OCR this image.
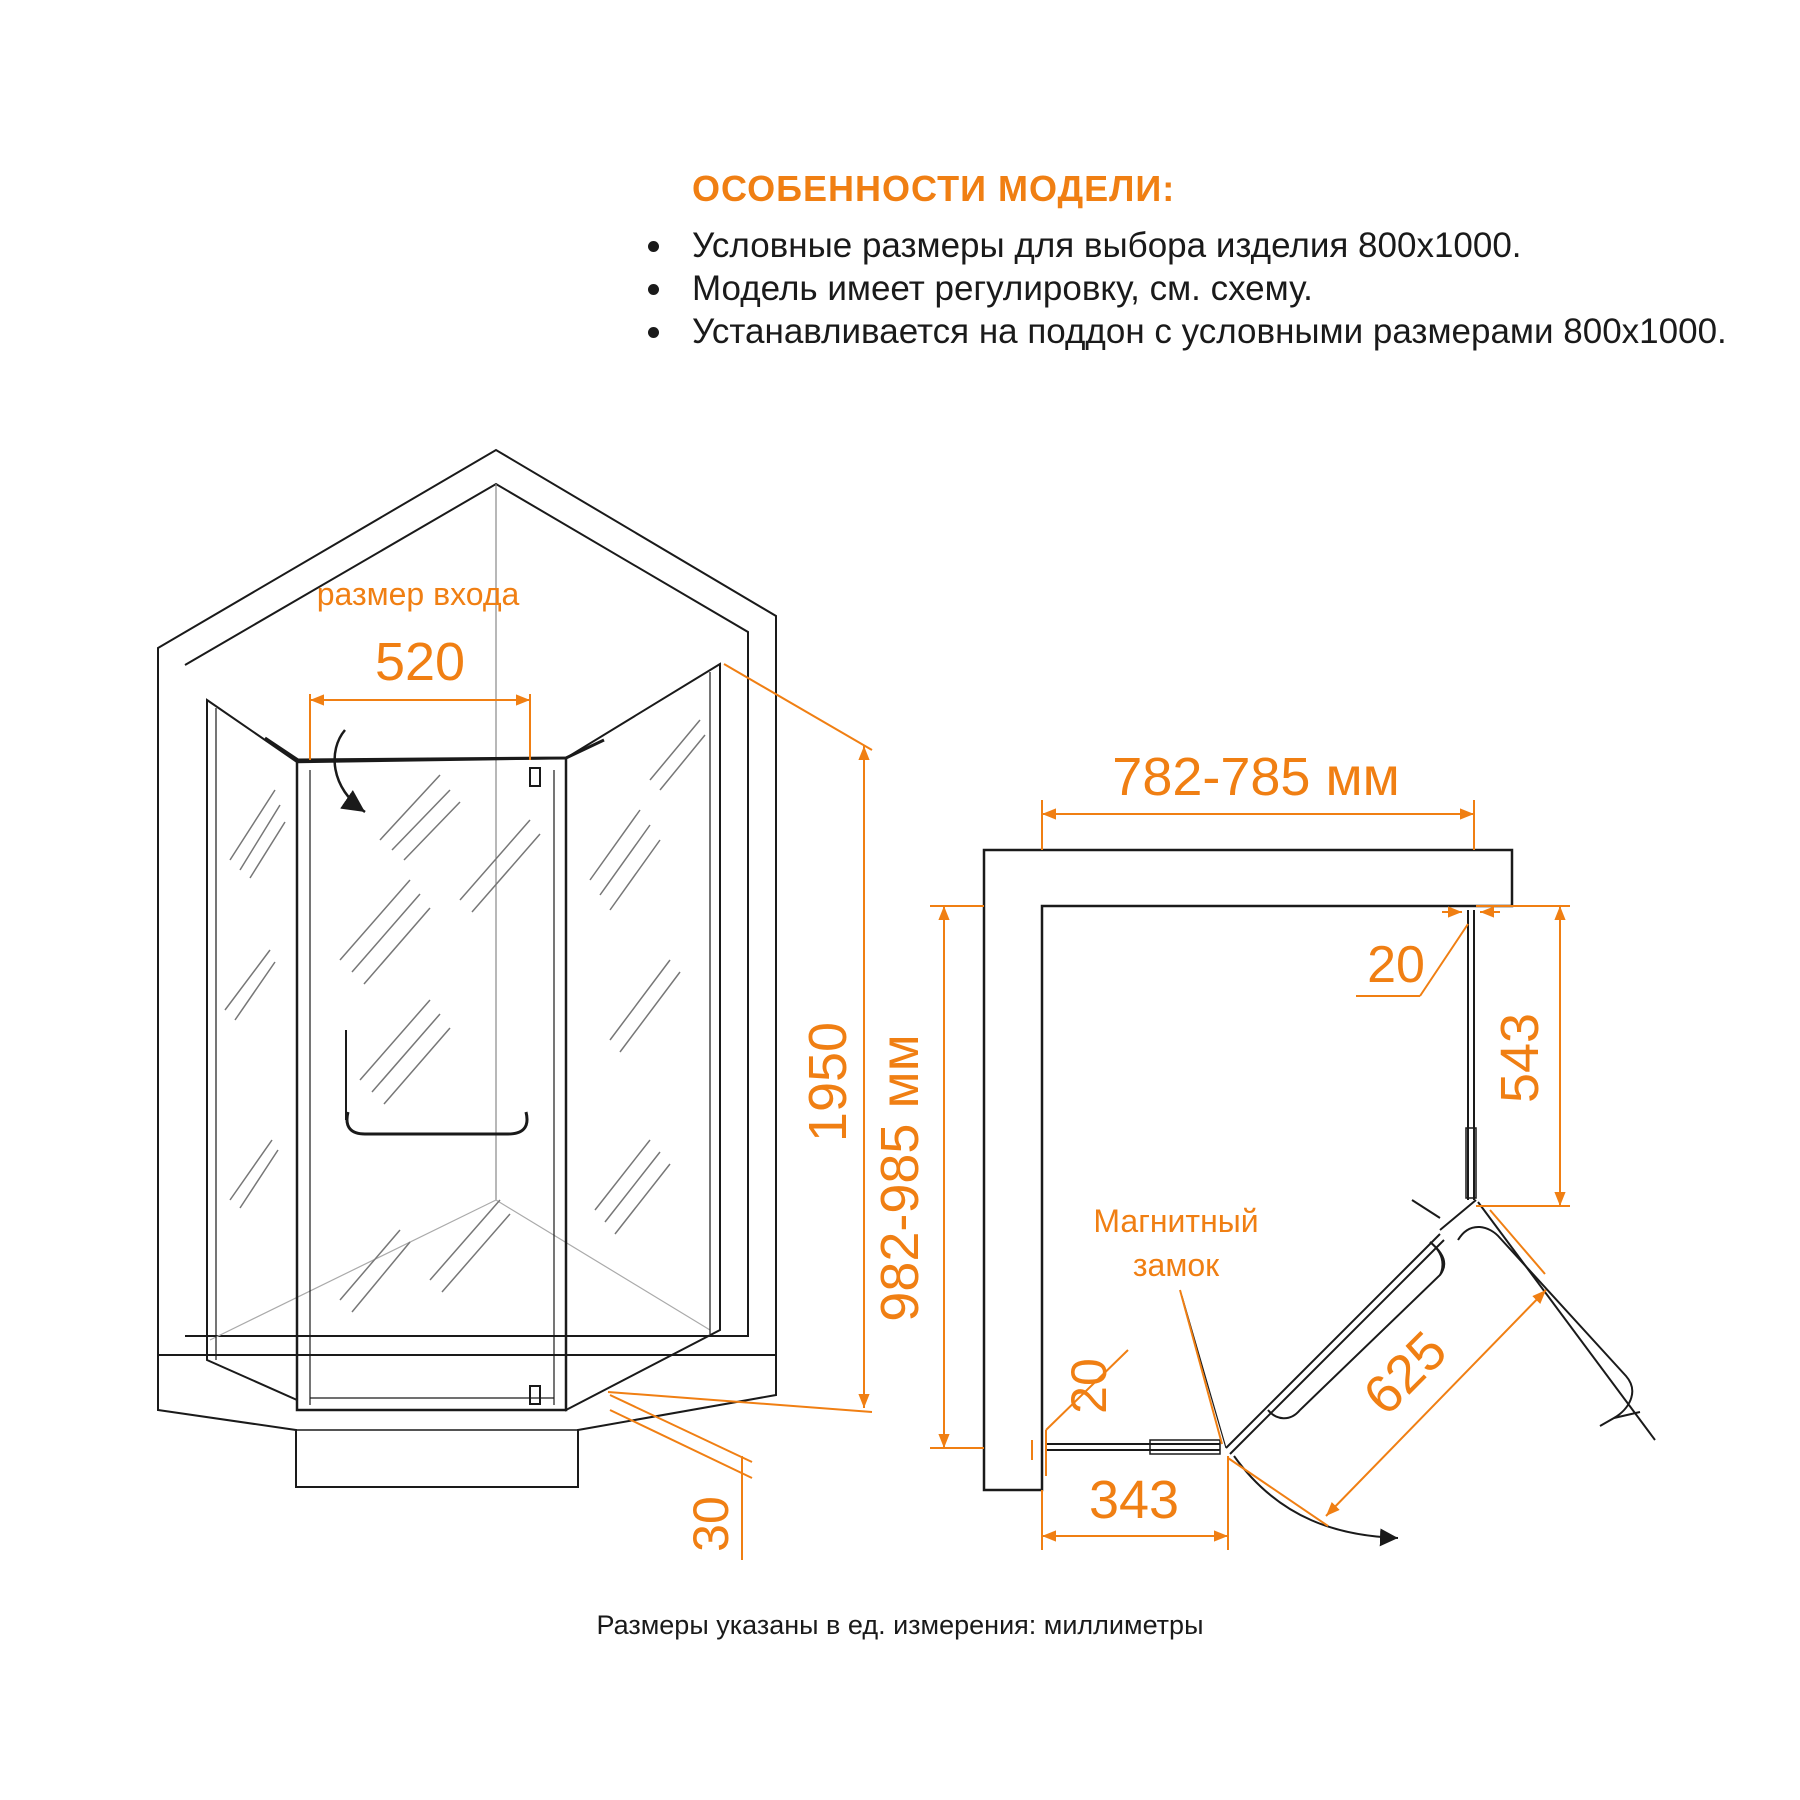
ОСОБЕННОСТИ МОДЕЛИ:
Условные размеры для выбора изделия 800x1000.
Модель имеет регулировку, см. схему.
Устанавливается на поддон с условными размерами 800x1000.
размер входа
520
1950
30
782-785 мм
982-985 мм
20
543
625
20
343
Магнитный
замок
Размеры указаны в ед. измерения: миллиметры
